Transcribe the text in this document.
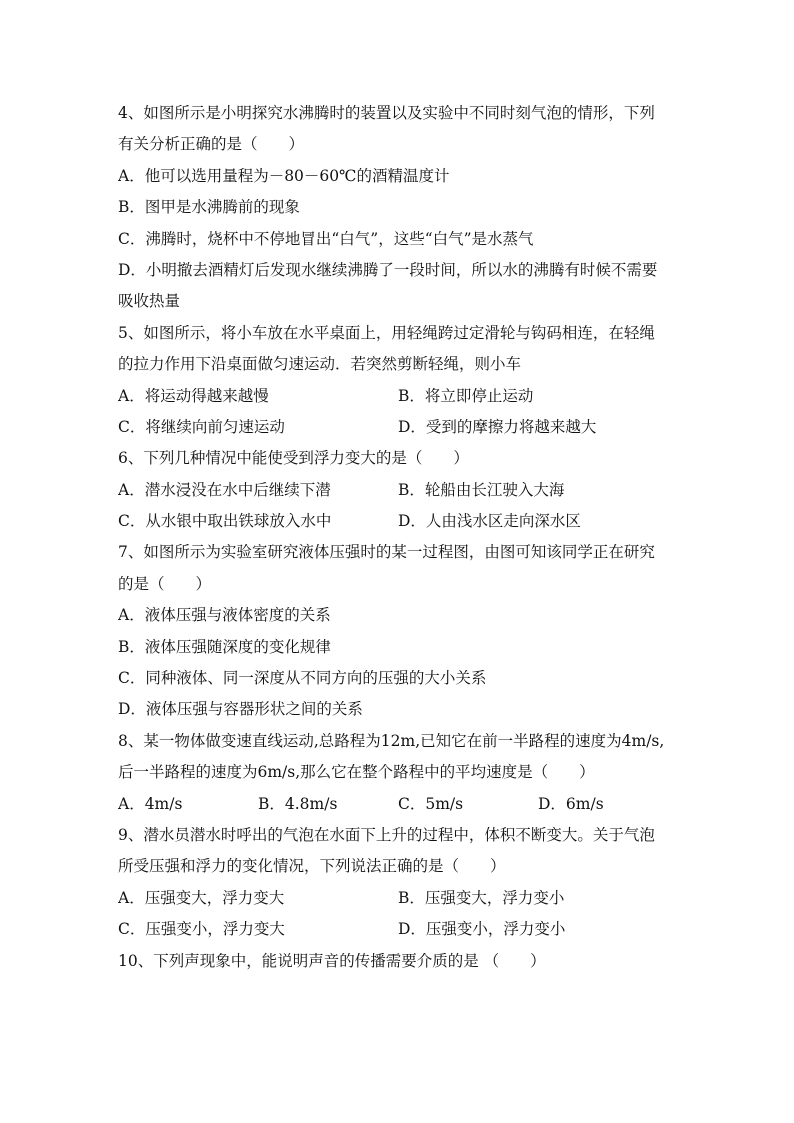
4、如图所示是小明探究水沸腾时的装置以及实验中不同时刻气泡的情形，下列
有关分析正确的是（　　）
A．他可以选用量程为－80－60℃的酒精温度计
B．图甲是水沸腾前的现象
C．沸腾时，烧杯中不停地冒出“白气”，这些“白气”是水蒸气
D．小明撤去酒精灯后发现水继续沸腾了一段时间，所以水的沸腾有时候不需要
吸收热量
5、如图所示，将小车放在水平桌面上，用轻绳跨过定滑轮与钩码相连，在轻绳
的拉力作用下沿桌面做匀速运动．若突然剪断轻绳，则小车
A．将运动得越来越慢	B．将立即停止运动
C．将继续向前匀速运动	D．受到的摩擦力将越来越大
6、下列几种情况中能使受到浮力变大的是（　　）
A．潜水浸没在水中后继续下潜	B．轮船由长江驶入大海
C．从水银中取出铁球放入水中	D．人由浅水区走向深水区
7、如图所示为实验室研究液体压强时的某一过程图，由图可知该同学正在研究
的是（　　）
A．液体压强与液体密度的关系
B．液体压强随深度的变化规律
C．同种液体、同一深度从不同方向的压强的大小关系
D．液体压强与容器形状之间的关系
8、某一物体做变速直线运动,总路程为12m,已知它在前一半路程的速度为4m/s,
后一半路程的速度为6m/s,那么它在整个路程中的平均速度是（　　）
A．4m/s	B．4.8m/s	C．5m/s	D．6m/s
9、潜水员潜水时呼出的气泡在水面下上升的过程中，体积不断变大。关于气泡
所受压强和浮力的变化情况，下列说法正确的是（　　）
A．压强变大，浮力变大	B．压强变大，浮力变小
C．压强变小，浮力变大	D．压强变小，浮力变小
10、下列声现象中，能说明声音的传播需要介质的是 （　　）
